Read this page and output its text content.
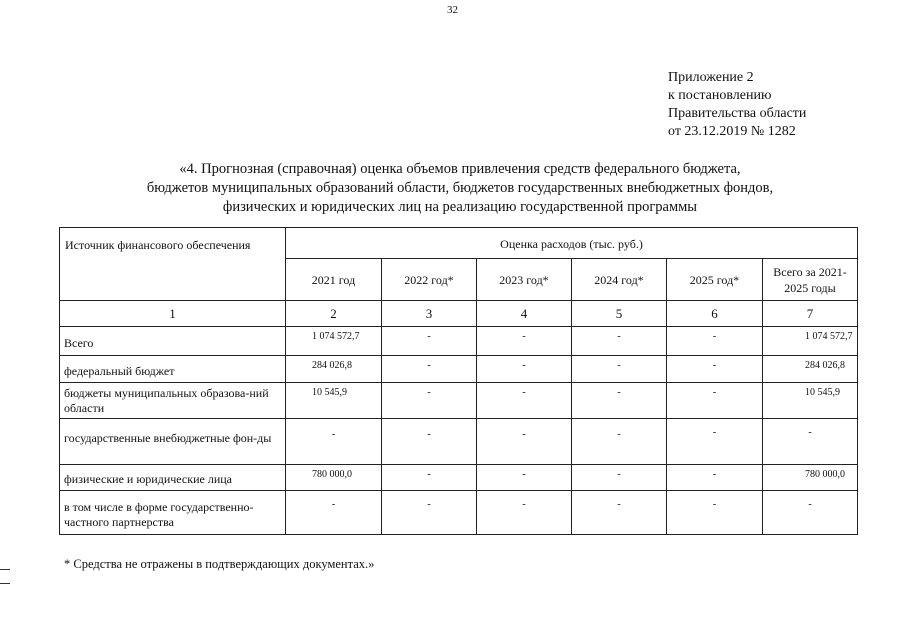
32
Приложение 2
к постановлению
Правительства области
от 23.12.2019 № 1282
«4. Прогнозная (справочная) оценка объемов привлечения средств федерального бюджета,
бюджетов муниципальных образований области, бюджетов государственных внебюджетных фондов,
физических и юридических лиц на реализацию государственной программы
Источник финансового обеспечения	Оценка расходов (тыс. руб.)					
	2021 год	2022 год*	2023 год*	2024 год*	2025 год*	Всего за 2021-2025 годы
1	2	3	4	5	6	7
Всего	1 074 572,7	-	-	-	-	1 074 572,7
федеральный бюджет	284 026,8	-	-	-	-	284 026,8
бюджеты муниципальных образова-ний области	10 545,9	-	-	-	-	10 545,9
государственные внебюджетные фон-ды	-	-	-	-	-	-
физические и юридические лица	780 000,0	-	-	-	-	780 000,0
в том числе в форме государственно-частного партнерства	-	-	-	-	-	-
* Средства не отражены в подтверждающих документах.»
